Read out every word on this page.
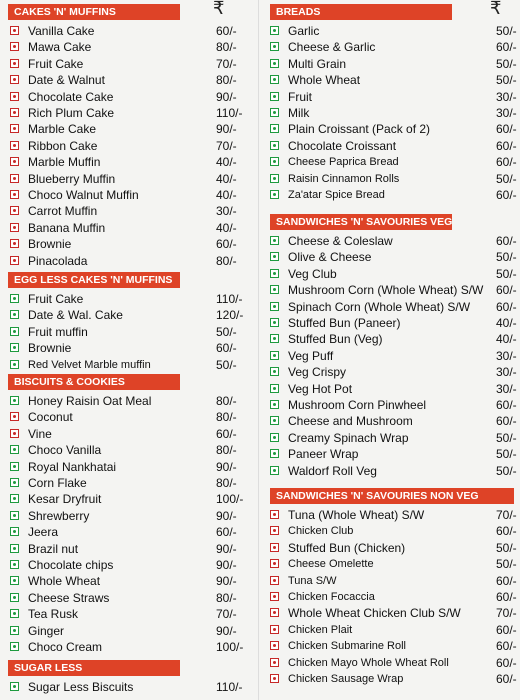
CAKES 'N' MUFFINS	₹
Vanilla Cake	60/-
Mawa Cake	80/-
Fruit Cake	70/-
Date & Walnut	80/-
Chocolate Cake	90/-
Rich Plum Cake	110/-
Marble Cake	90/-
Ribbon Cake	70/-
Marble Muffin	40/-
Blueberry Muffin	40/-
Choco Walnut Muffin	40/-
Carrot Muffin	30/-
Banana Muffin	40/-
Brownie	60/-
Pinacolada	80/-
EGG LESS CAKES 'N' MUFFINS
Fruit Cake	110/-
Date & Wal. Cake	120/-
Fruit muffin	50/-
Brownie	60/-
Red Velvet Marble muffin	50/-
BISCUITS & COOKIES
Honey Raisin Oat Meal	80/-
Coconut	80/-
Vine	60/-
Choco Vanilla	80/-
Royal Nankhatai	90/-
Corn Flake	80/-
Kesar Dryfruit	100/-
Shrewberry	90/-
Jeera	60/-
Brazil nut	90/-
Chocolate chips	90/-
Whole Wheat	90/-
Cheese Straws	80/-
Tea Rusk	70/-
Ginger	90/-
Choco Cream	100/-
SUGAR LESS
Sugar Less Biscuits	110/-
BREADS	₹
Garlic	50/-
Cheese & Garlic	60/-
Multi Grain	50/-
Whole Wheat	50/-
Fruit	30/-
Milk	30/-
Plain Croissant (Pack of 2)	60/-
Chocolate Croissant	60/-
Cheese Paprica Bread	60/-
Raisin Cinnamon Rolls	50/-
Za'atar Spice Bread	60/-
SANDWICHES 'N' SAVOURIES VEG
Cheese & Coleslaw	60/-
Olive & Cheese	50/-
Veg Club	50/-
Mushroom Corn (Whole Wheat) S/W 60/-
Spinach Corn (Whole Wheat) S/W 60/-
Stuffed Bun (Paneer)	40/-
Stuffed Bun (Veg)	40/-
Veg Puff	30/-
Veg Crispy	30/-
Veg Hot Pot	30/-
Mushroom Corn Pinwheel	60/-
Cheese and Mushroom	60/-
Creamy Spinach Wrap	50/-
Paneer Wrap	50/-
Waldorf Roll Veg	50/-
SANDWICHES 'N' SAVOURIES NON VEG
Tuna (Whole Wheat) S/W	70/-
Chicken Club	60/-
Stuffed Bun (Chicken)	50/-
Cheese Omelette	50/-
Tuna S/W	60/-
Chicken Focaccia	60/-
Whole Wheat Chicken Club S/W	70/-
Chicken Plait	60/-
Chicken Submarine Roll	60/-
Chicken Mayo Whole Wheat Roll	60/-
Chicken Sausage Wrap	60/-
